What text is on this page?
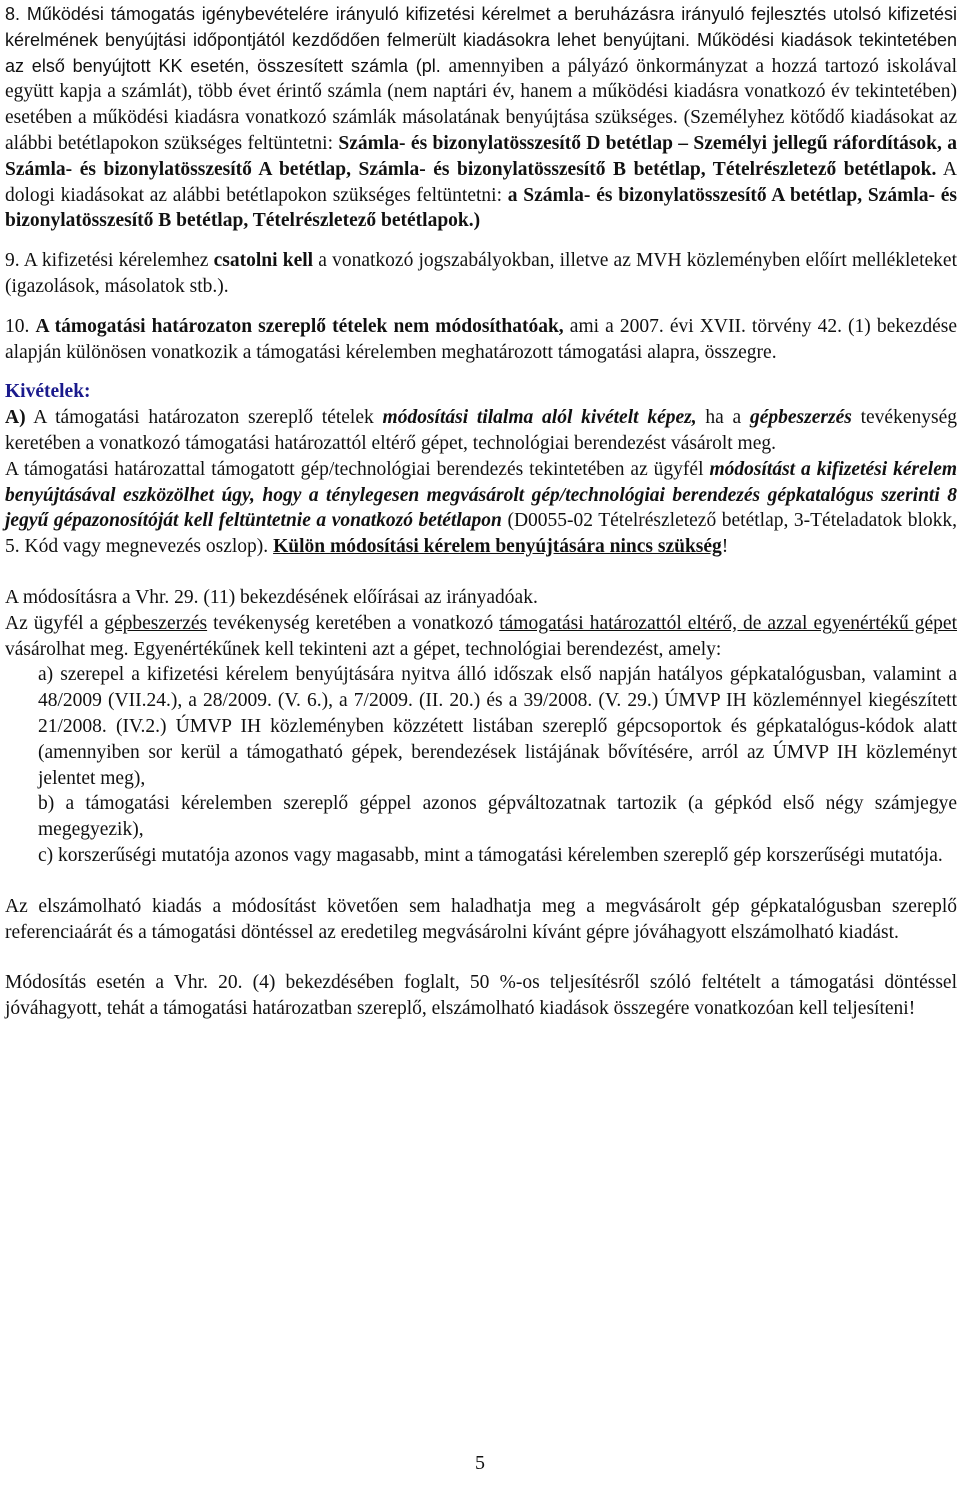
8. Működési támogatás igénybevételére irányuló kifizetési kérelmet a beruházásra irányuló fejlesztés utolsó kifizetési kérelmének benyújtási időpontjától kezdődően felmerült kiadásokra lehet benyújtani. Működési kiadások tekintetében az első benyújtott KK esetén, összesített számla (pl. amennyiben a pályázó önkormányzat a hozzá tartozó iskolával együtt kapja a számlát), több évet érintő számla (nem naptári év, hanem a működési kiadásra vonatkozó év tekintetében) esetében a működési kiadásra vonatkozó számlák másolatának benyújtása szükséges. (Személyhez kötődő kiadásokat az alábbi betétlapokon szükséges feltüntetni: Számla- és bizonylatösszesítő D betétlap – Személyi jellegű ráfordítások, a Számla- és bizonylatösszesítő A betétlap, Számla- és bizonylatösszesítő B betétlap, Tételrészletező betétlapok. A dologi kiadásokat az alábbi betétlapokon szükséges feltüntetni: a Számla- és bizonylatösszesítő A betétlap, Számla- és bizonylatösszesítő B betétlap, Tételrészletező betétlapok.)

9. A kifizetési kérelemhez csatolni kell a vonatkozó jogszabályokban, illetve az MVH közleményben előírt mellékleteket (igazolások, másolatok stb.).

10. A támogatási határozaton szereplő tételek nem módosíthatóak, ami a 2007. évi XVII. törvény 42. (1) bekezdése alapján különösen vonatkozik a támogatási kérelemben meghatározott támogatási alapra, összegre.

Kivételek:

A) A támogatási határozaton szereplő tételek módosítási tilalma alól kivételt képez, ha a gépbeszerzés tevékenység keretében a vonatkozó támogatási határozattól eltérő gépet, technológiai berendezést vásárolt meg.

A támogatási határozattal támogatott gép/technológiai berendezés tekintetében az ügyfél módosítást a kifizetési kérelem benyújtásával eszközölhet úgy, hogy a ténylegesen megvásárolt gép/technológiai berendezés gépkatalógus szerinti 8 jegyű gépazonosítóját kell feltüntetnie a vonatkozó betétlapon (D0055-02 Tételrészletező betétlap, 3-Tételadatok blokk, 5. Kód vagy megnevezés oszlop). Külön módosítási kérelem benyújtására nincs szükség!

A módosításra a Vhr. 29. (11) bekezdésének előírásai az irányadóak.

Az ügyfél a gépbeszerzés tevékenység keretében a vonatkozó támogatási határozattól eltérő, de azzal egyenértékű gépet vásárolhat meg. Egyenértékűnek kell tekinteni azt a gépet, technológiai berendezést, amely:

a) szerepel a kifizetési kérelem benyújtására nyitva álló időszak első napján hatályos gépkatalógusban, valamint a 48/2009 (VII.24.), a 28/2009. (V. 6.), a 7/2009. (II. 20.) és a 39/2008. (V. 29.) ÚMVP IH közleménnyel kiegészített 21/2008. (IV.2.) ÚMVP IH közleményben közzétett listában szereplő gépcsoportok és gépkatalógus-kódok alatt (amennyiben sor kerül a támogatható gépek, berendezések listájának bővítésére, arról az ÚMVP IH közleményt jelentet meg),

b) a támogatási kérelemben szereplő géppel azonos gépváltozatnak tartozik (a gépkód első négy számjegye megegyezik),

c) korszerűségi mutatója azonos vagy magasabb, mint a támogatási kérelemben szereplő gép korszerűségi mutatója.

Az elszámolható kiadás a módosítást követően sem haladhatja meg a megvásárolt gép gépkatalógusban szereplő referenciaárát és a támogatási döntéssel az eredetileg megvásárolni kívánt gépre jóváhagyott elszámolható kiadást.

Módosítás esetén a Vhr. 20. (4) bekezdésében foglalt, 50 %-os teljesítésről szóló feltételt a támogatási döntéssel jóváhagyott, tehát a támogatási határozatban szereplő, elszámolható kiadások összegére vonatkozóan kell teljesíteni!

5
